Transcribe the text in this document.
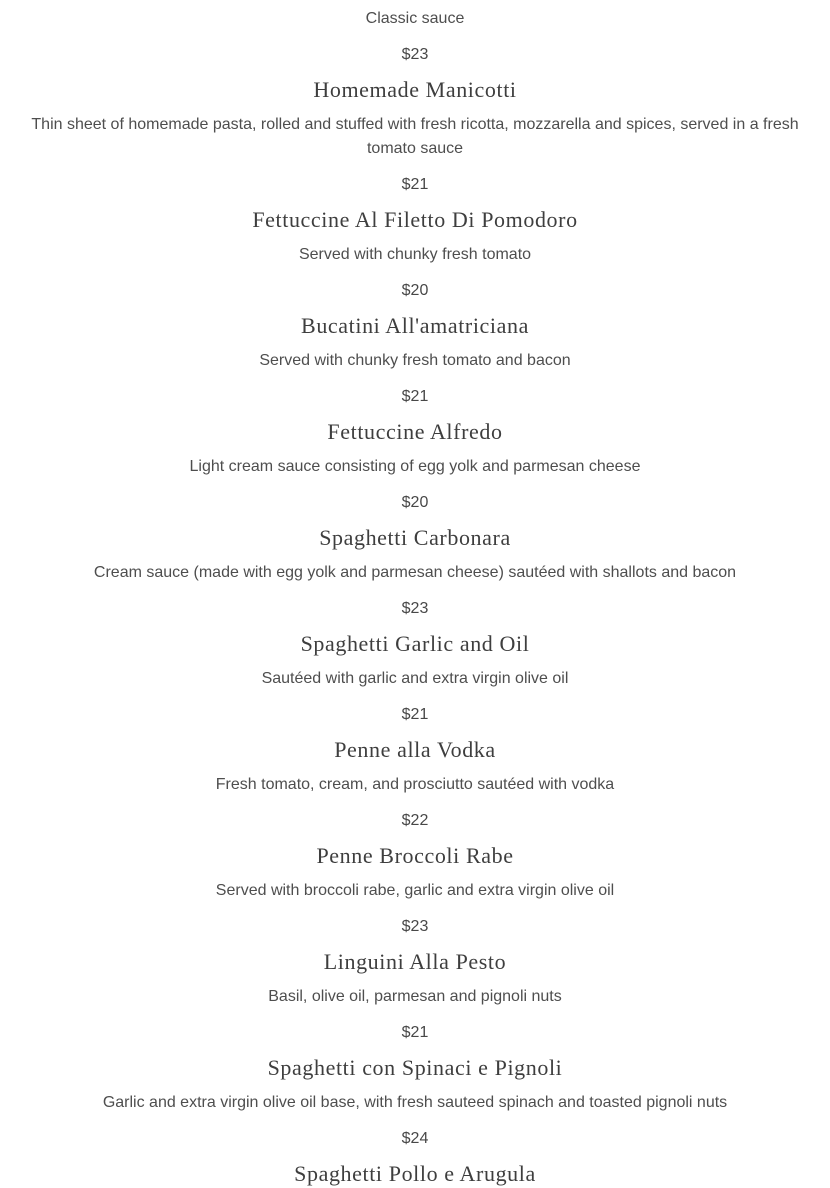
Classic sauce

$23

Homemade Manicotti

Thin sheet of homemade pasta, rolled and stuffed with fresh ricotta, mozzarella and spices, served in a fresh tomato sauce

$21

Fettuccine Al Filetto Di Pomodoro

Served with chunky fresh tomato

$20

Bucatini All'amatriciana

Served with chunky fresh tomato and bacon

$21

Fettuccine Alfredo

Light cream sauce consisting of egg yolk and parmesan cheese

$20

Spaghetti Carbonara

Cream sauce (made with egg yolk and parmesan cheese) sautéed with shallots and bacon

$23

Spaghetti Garlic and Oil

Sautéed with garlic and extra virgin olive oil

$21

Penne alla Vodka

Fresh tomato, cream, and prosciutto sautéed with vodka

$22

Penne Broccoli Rabe

Served with broccoli rabe, garlic and extra virgin olive oil

$23

Linguini Alla Pesto

Basil, olive oil, parmesan and pignoli nuts

$21

Spaghetti con Spinaci e Pignoli

Garlic and extra virgin olive oil base, with fresh sauteed spinach and toasted pignoli nuts

$24

Spaghetti Pollo e Arugula
